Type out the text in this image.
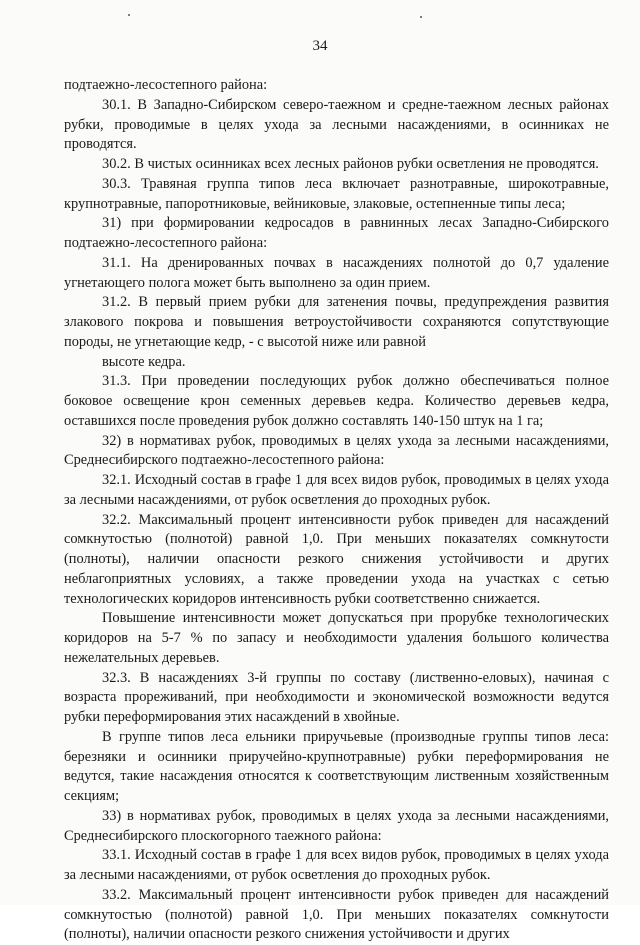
34

подтаежно-лесостепного района:

30.1. В Западно-Сибирском северо-таежном и средне-таежном лесных районах рубки, проводимые в целях ухода за лесными насаждениями, в осинниках не проводятся.

30.2. В чистых осинниках всех лесных районов рубки осветления не проводятся.

30.3. Травяная группа типов леса включает разнотравные, широкотравные, крупнотравные, папоротниковые, вейниковые, злаковые, остепненные типы леса;

31) при формировании кедросадов в равнинных лесах Западно-Сибирского подтаежно-лесостепного района:

31.1. На дренированных почвах в насаждениях полнотой до 0,7 удаление угнетающего полога может быть выполнено за один прием.

31.2. В первый прием рубки для затенения почвы, предупреждения развития злакового покрова и повышения ветроустойчивости сохраняются сопутствующие породы, не угнетающие кедр, - с высотой ниже или равной

высоте кедра.

31.3. При проведении последующих рубок должно обеспечиваться полное боковое освещение крон семенных деревьев кедра. Количество деревьев кедра, оставшихся после проведения рубок должно составлять 140-150 штук на 1 га;

32) в нормативах рубок, проводимых в целях ухода за лесными насаждениями, Среднесибирского подтаежно-лесостепного района:

32.1. Исходный состав в графе 1 для всех видов рубок, проводимых в целях ухода за лесными насаждениями, от рубок осветления до проходных рубок.

32.2. Максимальный процент интенсивности рубок приведен для насаждений сомкнутостью (полнотой) равной 1,0. При меньших показателях сомкнутости (полноты), наличии опасности резкого снижения устойчивости и других неблагоприятных условиях, а также проведении ухода на участках с сетью технологических коридоров интенсивность рубки соответственно снижается.

Повышение интенсивности может допускаться при прорубке технологических коридоров на 5-7 % по запасу и необходимости удаления большого количества нежелательных деревьев.

32.3. В насаждениях 3-й группы по составу (лиственно-еловых), начиная с возраста прореживаний, при необходимости и экономической возможности ведутся рубки переформирования этих насаждений в хвойные.

В группе типов леса ельники приручьевые (производные группы типов леса: березняки и осинники приручейно-крупнотравные) рубки переформирования не ведутся, такие насаждения относятся к соответствующим лиственным хозяйственным секциям;

33) в нормативах рубок, проводимых в целях ухода за лесными насаждениями, Среднесибирского плоскогорного таежного района:

33.1. Исходный состав в графе 1 для всех видов рубок, проводимых в целях ухода за лесными насаждениями, от рубок осветления до проходных рубок.

33.2. Максимальный процент интенсивности рубок приведен для насаждений сомкнутостью (полнотой) равной 1,0. При меньших показателях сомкнутости (полноты), наличии опасности резкого снижения устойчивости и других
